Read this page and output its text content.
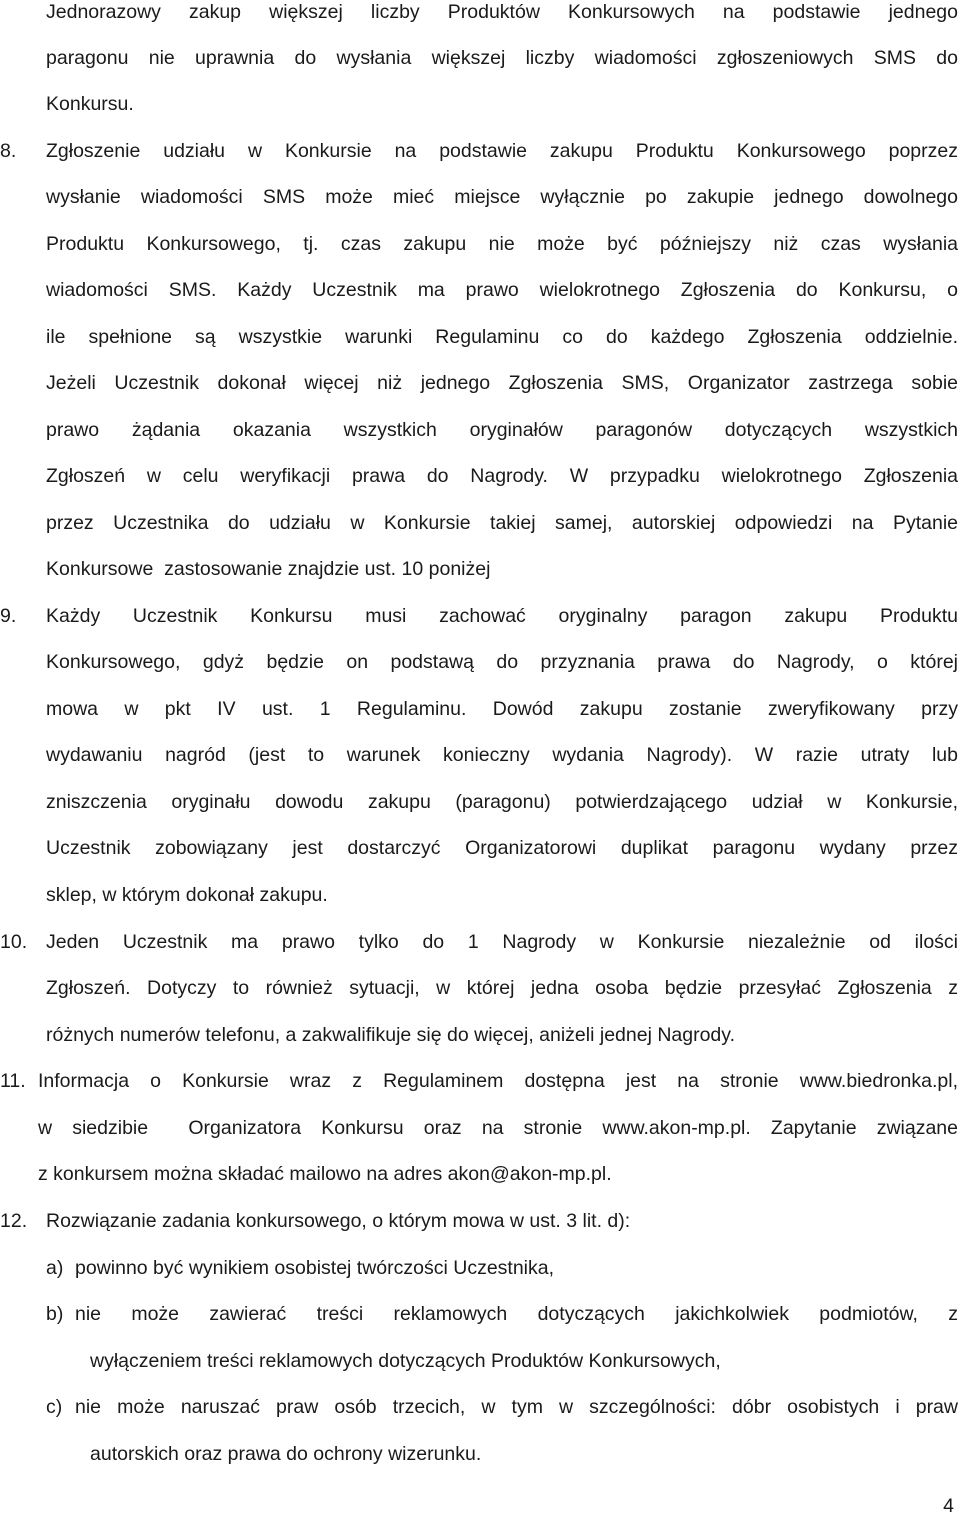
Jednorazowy zakup większej liczby Produktów Konkursowych na podstawie jednego
paragonu nie uprawnia do wysłania większej liczby wiadomości zgłoszeniowych SMS do
Konkursu.
8. Zgłoszenie udziału w Konkursie na podstawie zakupu Produktu Konkursowego poprzez
wysłanie wiadomości SMS może mieć miejsce wyłącznie po zakupie jednego dowolnego
Produktu Konkursowego, tj. czas zakupu nie może być późniejszy niż czas wysłania
wiadomości SMS. Każdy Uczestnik ma prawo wielokrotnego Zgłoszenia do Konkursu, o
ile spełnione są wszystkie warunki Regulaminu co do każdego Zgłoszenia oddzielnie.
Jeżeli Uczestnik dokonał więcej niż jednego Zgłoszenia SMS, Organizator zastrzega sobie
prawo żądania okazania wszystkich oryginałów paragonów dotyczących wszystkich
Zgłoszeń w celu weryfikacji prawa do Nagrody. W przypadku wielokrotnego Zgłoszenia
przez Uczestnika do udziału w Konkursie takiej samej, autorskiej odpowiedzi na Pytanie
Konkursowe  zastosowanie znajdzie ust. 10 poniżej
9. Każdy Uczestnik Konkursu musi zachować oryginalny paragon zakupu Produktu
Konkursowego, gdyż będzie on podstawą do przyznania prawa do Nagrody, o której
mowa w pkt IV ust. 1 Regulaminu. Dowód zakupu zostanie zweryfikowany przy
wydawaniu nagród (jest to warunek konieczny wydania Nagrody). W razie utraty lub
zniszczenia oryginału dowodu zakupu (paragonu) potwierdzającego udział w Konkursie,
Uczestnik zobowiązany jest dostarczyć Organizatorowi duplikat paragonu wydany przez
sklep, w którym dokonał zakupu.
10. Jeden Uczestnik ma prawo tylko do 1 Nagrody w Konkursie niezależnie od ilości
Zgłoszeń. Dotyczy to również sytuacji, w której jedna osoba będzie przesyłać Zgłoszenia z
różnych numerów telefonu, a zakwalifikuje się do więcej, aniżeli jednej Nagrody.
11. Informacja o Konkursie wraz z Regulaminem dostępna jest na stronie www.biedronka.pl,
w siedzibie  Organizatora Konkursu oraz na stronie www.akon-mp.pl. Zapytanie związane
z konkursem można składać mailowo na adres akon@akon-mp.pl.
12. Rozwiązanie zadania konkursowego, o którym mowa w ust. 3 lit. d):
a) powinno być wynikiem osobistej twórczości Uczestnika,
b) nie może zawierać treści reklamowych dotyczących jakichkolwiek podmiotów, z
wyłączeniem treści reklamowych dotyczących Produktów Konkursowych,
c) nie może naruszać praw osób trzecich, w tym w szczególności: dóbr osobistych i praw
autorskich oraz prawa do ochrony wizerunku.
4
